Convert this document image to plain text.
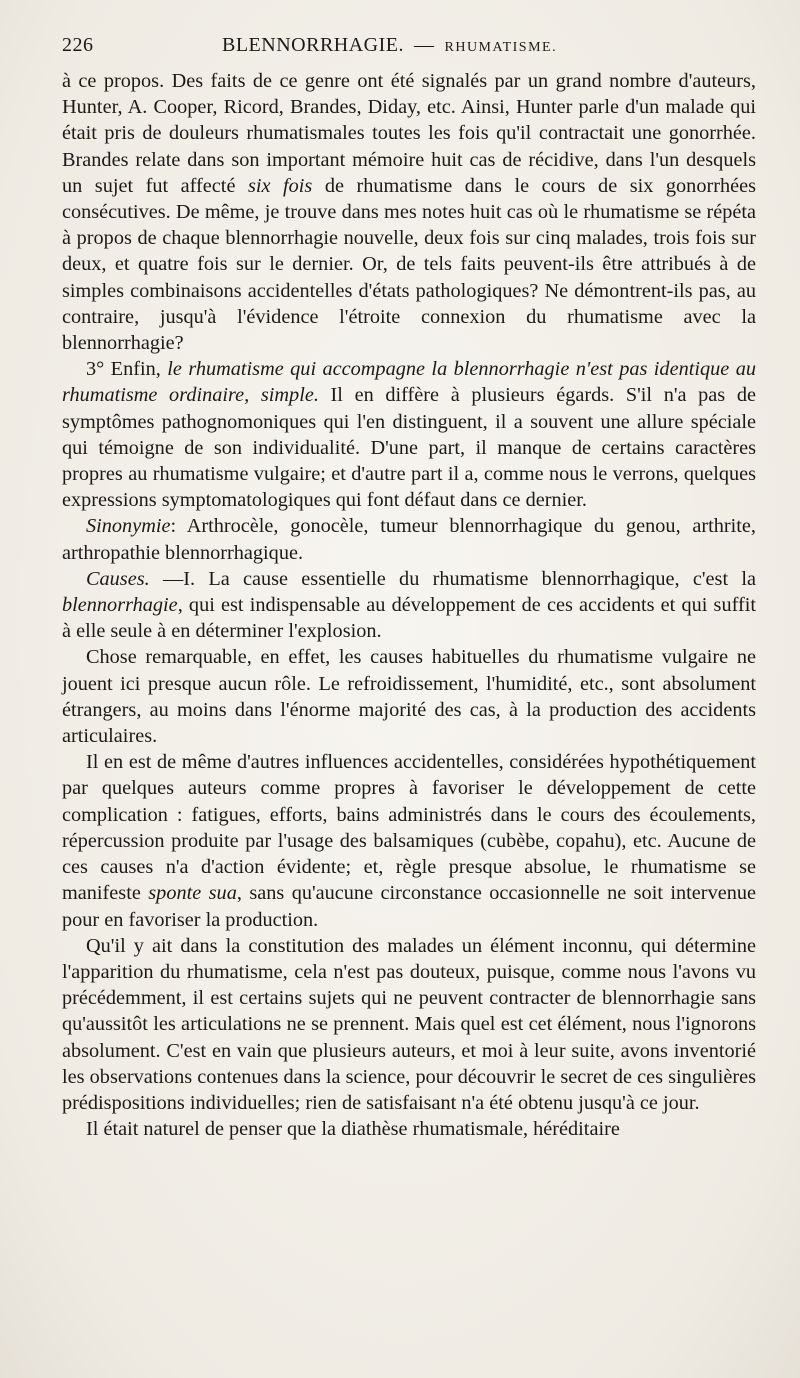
226	BLENNORRHAGIE. — RHUMATISME.

à ce propos. Des faits de ce genre ont été signalés par un grand nombre d'auteurs, Hunter, A. Cooper, Ricord, Brandes, Diday, etc. Ainsi, Hunter parle d'un malade qui était pris de douleurs rhumatismales toutes les fois qu'il contractait une gonorrhée. Brandes relate dans son important mémoire huit cas de récidive, dans l'un desquels un sujet fut affecté six fois de rhumatisme dans le cours de six gonorrhées consécutives. De même, je trouve dans mes notes huit cas où le rhumatisme se répéta à propos de chaque blennorrhagie nouvelle, deux fois sur cinq malades, trois fois sur deux, et quatre fois sur le dernier. Or, de tels faits peuvent-ils être attribués à de simples combinaisons accidentelles d'états pathologiques? Ne démontrent-ils pas, au contraire, jusqu'à l'évidence l'étroite connexion du rhumatisme avec la blennorrhagie?

3° Enfin, le rhumatisme qui accompagne la blennorrhagie n'est pas identique au rhumatisme ordinaire, simple. Il en diffère à plusieurs égards. S'il n'a pas de symptômes pathognomoniques qui l'en distinguent, il a souvent une allure spéciale qui témoigne de son individualité. D'une part, il manque de certains caractères propres au rhumatisme vulgaire; et d'autre part il a, comme nous le verrons, quelques expressions symptomatologiques qui font défaut dans ce dernier.

Sinonymie: Arthrocèle, gonocèle, tumeur blennorrhagique du genou, arthrite, arthropathie blennorrhagique.

Causes. —I. La cause essentielle du rhumatisme blennorrhagique, c'est la blennorrhagie, qui est indispensable au développement de ces accidents et qui suffit à elle seule à en déterminer l'explosion.

Chose remarquable, en effet, les causes habituelles du rhumatisme vulgaire ne jouent ici presque aucun rôle. Le refroidissement, l'humidité, etc., sont absolument étrangers, au moins dans l'énorme majorité des cas, à la production des accidents articulaires.

Il en est de même d'autres influences accidentelles, considérées hypothétiquement par quelques auteurs comme propres à favoriser le développement de cette complication : fatigues, efforts, bains administrés dans le cours des écoulements, répercussion produite par l'usage des balsamiques (cubèbe, copahu), etc. Aucune de ces causes n'a d'action évidente; et, règle presque absolue, le rhumatisme se manifeste sponte sua, sans qu'aucune circonstance occasionnelle ne soit intervenue pour en favoriser la production.

Qu'il y ait dans la constitution des malades un élément inconnu, qui détermine l'apparition du rhumatisme, cela n'est pas douteux, puisque, comme nous l'avons vu précédemment, il est certains sujets qui ne peuvent contracter de blennorrhagie sans qu'aussitôt les articulations ne se prennent. Mais quel est cet élément, nous l'ignorons absolument. C'est en vain que plusieurs auteurs, et moi à leur suite, avons inventorié les observations contenues dans la science, pour découvrir le secret de ces singulières prédispositions individuelles; rien de satisfaisant n'a été obtenu jusqu'à ce jour.

Il était naturel de penser que la diathèse rhumatismale, héréditaire
